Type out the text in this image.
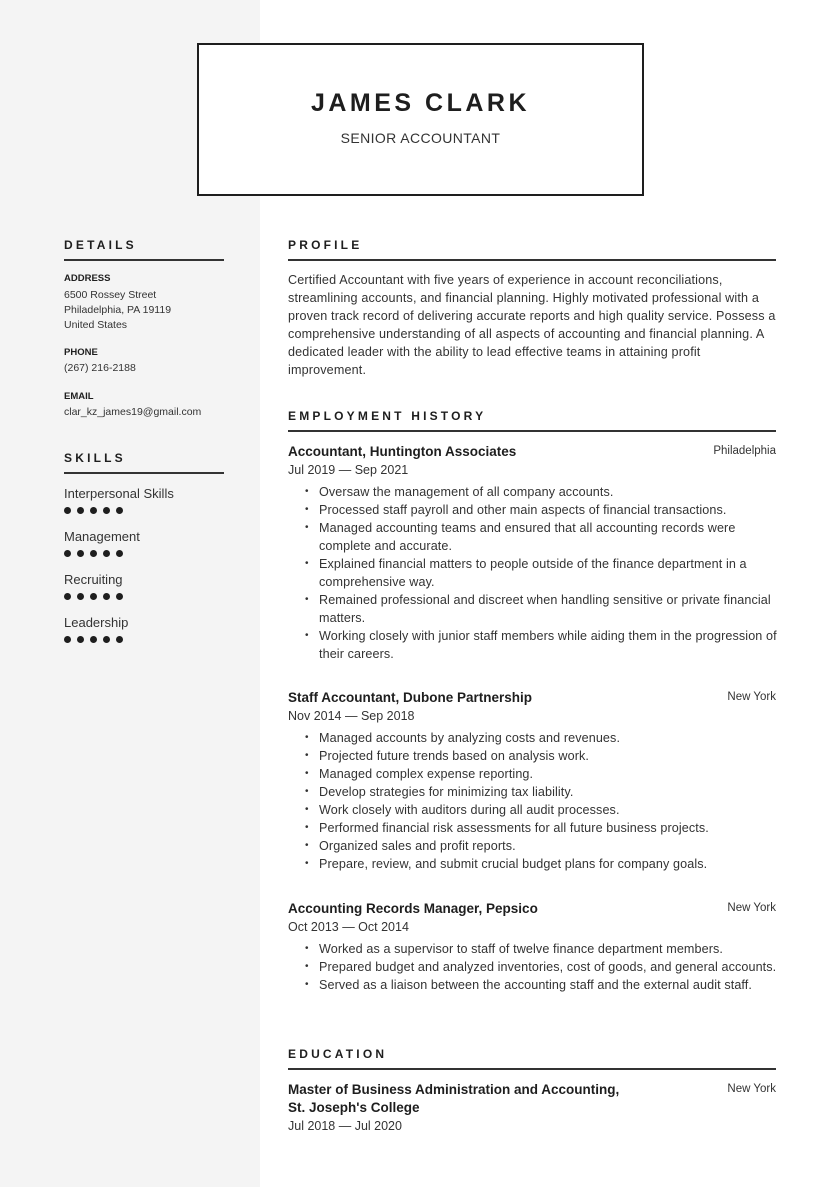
JAMES CLARK
SENIOR ACCOUNTANT
DETAILS
ADDRESS
6500 Rossey Street
Philadelphia, PA 19119
United States
PHONE
(267) 216-2188
EMAIL
clar_kz_james19@gmail.com
SKILLS
Interpersonal Skills
Management
Recruiting
Leadership
PROFILE
Certified Accountant with five years of experience in account reconciliations, streamlining accounts, and financial planning. Highly motivated professional with a proven track record of delivering accurate reports and high quality service. Possess a comprehensive understanding of all aspects of accounting and financial planning. A dedicated leader with the ability to lead effective teams in attaining profit improvement.
EMPLOYMENT HISTORY
Accountant, Huntington Associates	Philadelphia
Jul 2019 — Sep 2021
• Oversaw the management of all company accounts.
• Processed staff payroll and other main aspects of financial transactions.
• Managed accounting teams and ensured that all accounting records were complete and accurate.
• Explained financial matters to people outside of the finance department in a comprehensive way.
• Remained professional and discreet when handling sensitive or private financial matters.
• Working closely with junior staff members while aiding them in the progression of their careers.
Staff Accountant, Dubone Partnership	New York
Nov 2014 — Sep 2018
• Managed accounts by analyzing costs and revenues.
• Projected future trends based on analysis work.
• Managed complex expense reporting.
• Develop strategies for minimizing tax liability.
• Work closely with auditors during all audit processes.
• Performed financial risk assessments for all future business projects.
• Organized sales and profit reports.
• Prepare, review, and submit crucial budget plans for company goals.
Accounting Records Manager, Pepsico	New York
Oct 2013 — Oct 2014
• Worked as a supervisor to staff of twelve finance department members.
• Prepared budget and analyzed inventories, cost of goods, and general accounts.
• Served as a liaison between the accounting staff and the external audit staff.
EDUCATION
Master of Business Administration and Accounting,
St. Joseph's College
New York
Jul 2018 — Jul 2020
